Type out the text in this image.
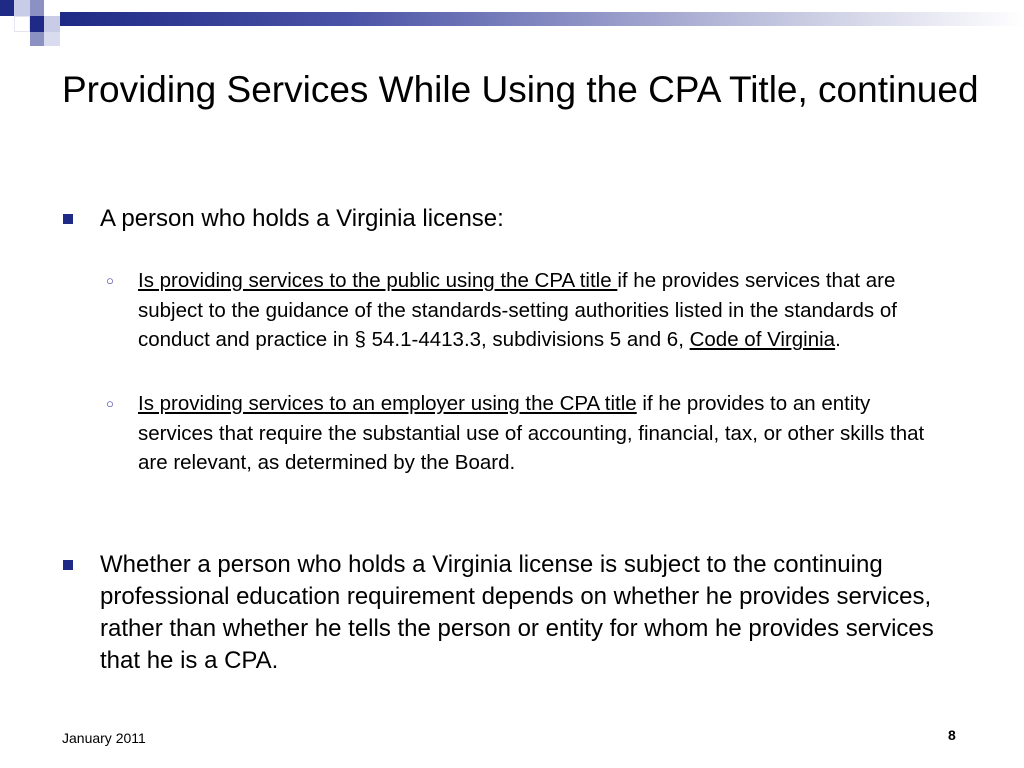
Providing Services While Using the CPA Title, continued
A person who holds a Virginia license:
○ Is providing services to the public using the CPA title if he provides services that are subject to the guidance of the standards-setting authorities listed in the standards of conduct and practice in § 54.1-4413.3, subdivisions 5 and 6, Code of Virginia.
○ Is providing services to an employer using the CPA title if he provides to an entity services that require the substantial use of accounting, financial, tax, or other skills that are relevant, as determined by the Board.
Whether a person who holds a Virginia license is subject to the continuing professional education requirement depends on whether he provides services, rather than whether he tells the person or entity for whom he provides services that he is a CPA.
January 2011	8
